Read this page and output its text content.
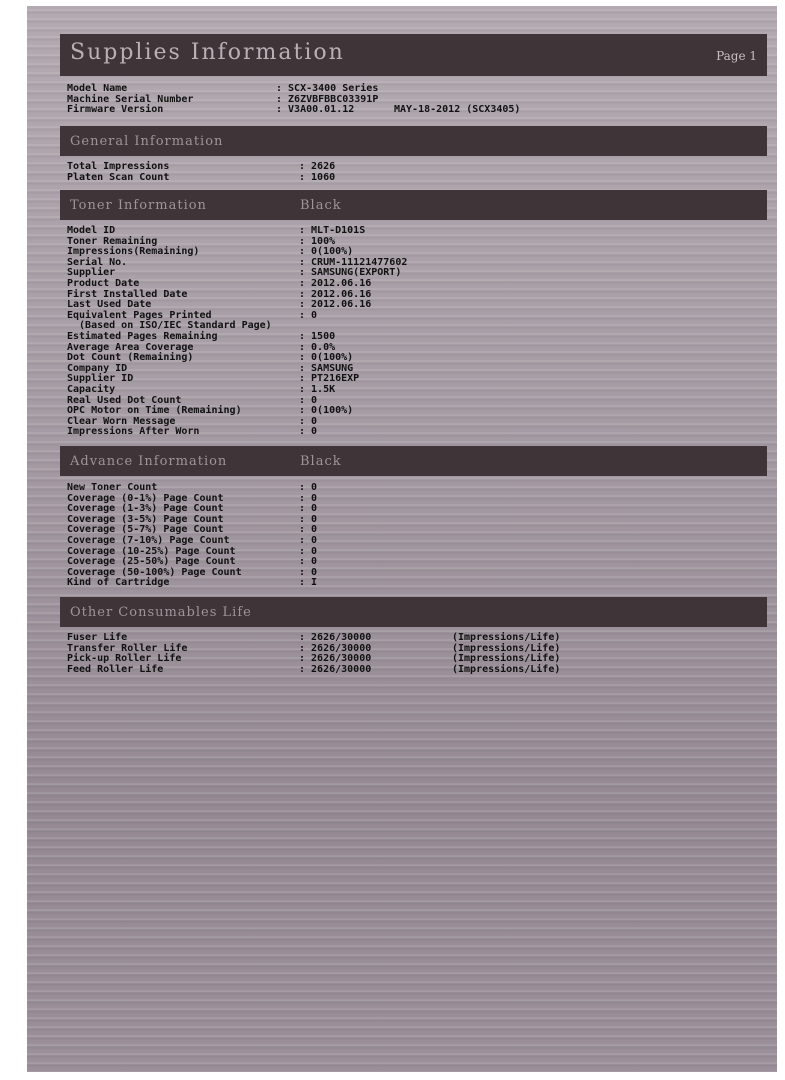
Supplies Information	Page 1
Model Name	: SCX-3400 Series
Machine Serial Number	: Z6ZVBFBBC03391P
Firmware Version	: V3A00.01.12	MAY-18-2012 (SCX3405)
General Information
Total Impressions	: 2626
Platen Scan Count	: 1060
Toner Information	Black
Model ID	: MLT-D101S
Toner Remaining	: 100%
Impressions(Remaining)	: 0(100%)
Serial No.	: CRUM-11121477602
Supplier	: SAMSUNG(EXPORT)
Product Date	: 2012.06.16
First Installed Date	: 2012.06.16
Last Used Date	: 2012.06.16
Equivalent Pages Printed	: 0
(Based on ISO/IEC Standard Page)
Estimated Pages Remaining	: 1500
Average Area Coverage	: 0.0%
Dot Count (Remaining)	: 0(100%)
Company ID	: SAMSUNG
Supplier ID	: PT216EXP
Capacity	: 1.5K
Real Used Dot Count	: 0
OPC Motor on Time (Remaining)	: 0(100%)
Clear Worn Message	: 0
Impressions After Worn	: 0
Advance Information	Black
New Toner Count	: 0
Coverage (0-1%) Page Count	: 0
Coverage (1-3%) Page Count	: 0
Coverage (3-5%) Page Count	: 0
Coverage (5-7%) Page Count	: 0
Coverage (7-10%) Page Count	: 0
Coverage (10-25%) Page Count	: 0
Coverage (25-50%) Page Count	: 0
Coverage (50-100%) Page Count	: 0
Kind of Cartridge	: I
Other Consumables Life
Fuser Life	: 2626/30000	(Impressions/Life)
Transfer Roller Life	: 2626/30000	(Impressions/Life)
Pick-up Roller Life	: 2626/30000	(Impressions/Life)
Feed Roller Life	: 2626/30000	(Impressions/Life)
